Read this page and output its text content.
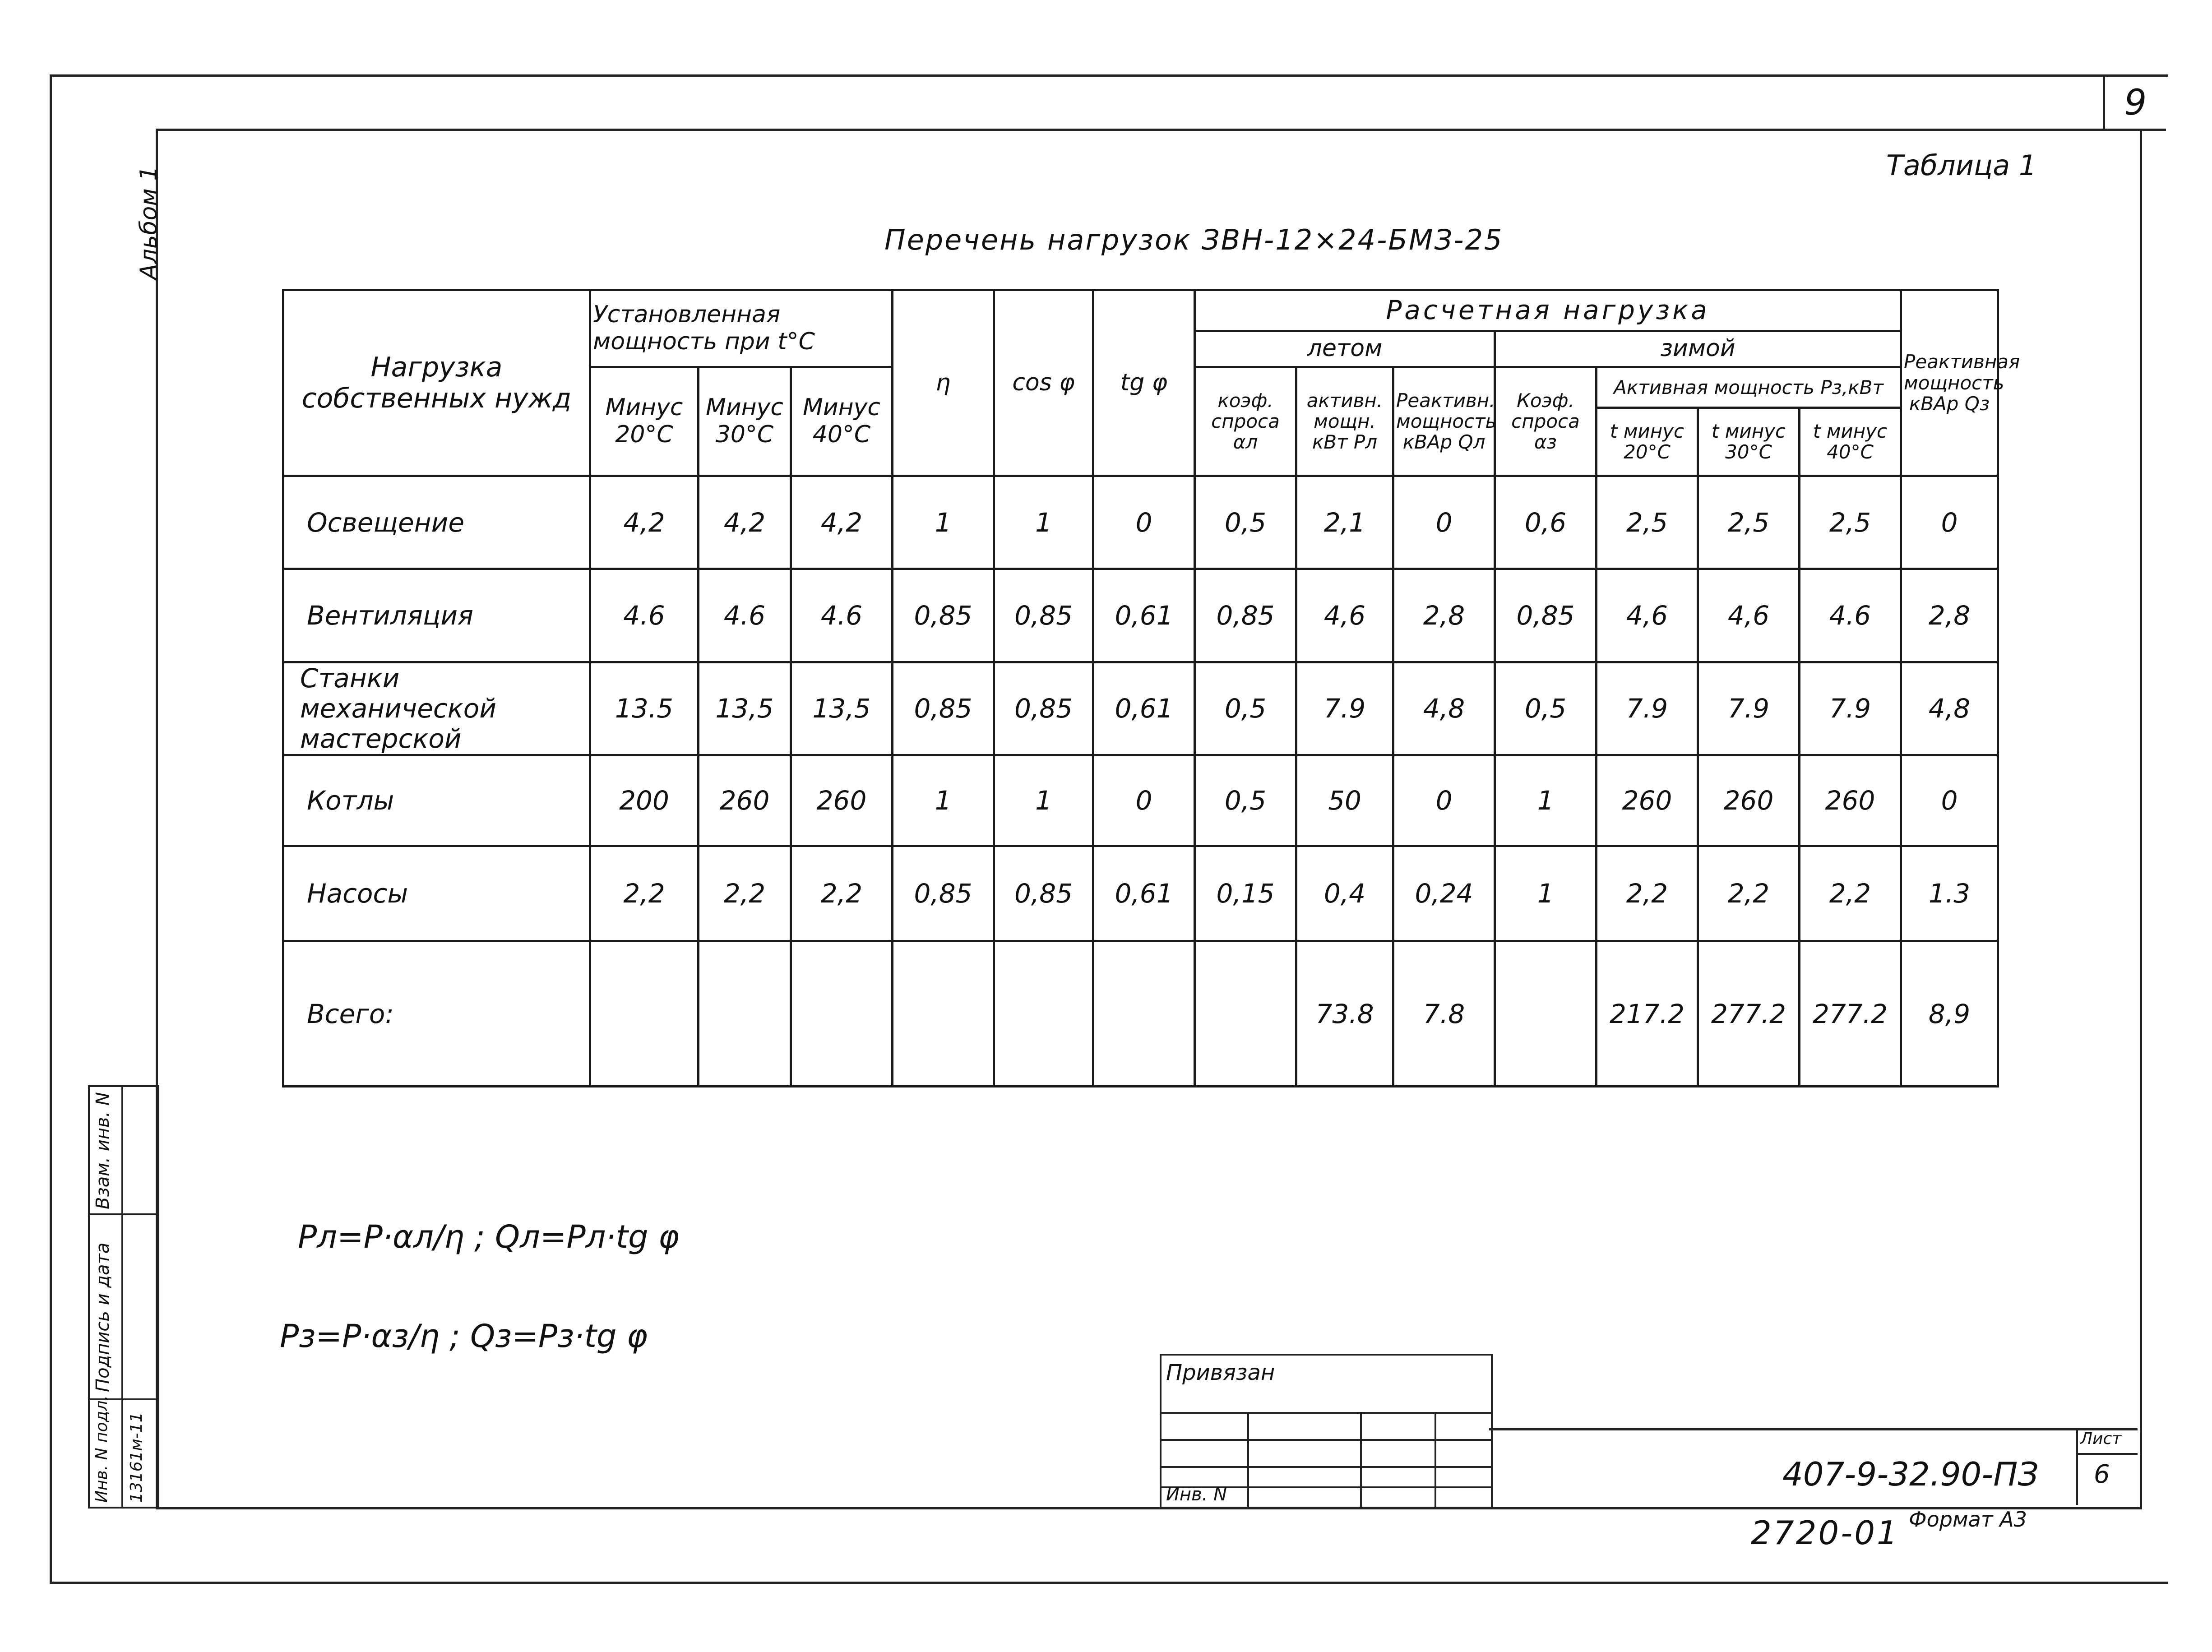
9
Альбом 1
Таблица 1
Перечень нагрузок ЗВН-12×24-БМЗ-25
Нагрузка собственных нужд	Установленная мощность при t°C			η	cos φ	tg φ	Расчетная нагрузка							Реактивная мощность кВАр Qз
							летом			зимой				
	Минус 20°С	Минус 30°С	Минус 40°С				коэф. спроса αл	активн. мощн. кВт Рл	Реактивн. мощность кВАр Qл	Коэф. спроса αз	Активная мощность Рз,кВт			
											t минус 20°С	t минус 30°С	t минус 40°С	
Освещение	4,2	4,2	4,2	1	1	0	0,5	2,1	0	0,6	2,5	2,5	2,5	0
Вентиляция	4.6	4.6	4.6	0,85	0,85	0,61	0,85	4,6	2,8	0,85	4,6	4,6	4.6	2,8
Станки механической мастерской	13.5	13,5	13,5	0,85	0,85	0,61	0,5	7.9	4,8	0,5	7.9	7.9	7.9	4,8
Котлы	200	260	260	1	1	0	0,5	50	0	1	260	260	260	0
Насосы	2,2	2,2	2,2	0,85	0,85	0,61	0,15	0,4	0,24	1	2,2	2,2	2,2	1.3
Всего:								73.8	7.8		217.2	277.2	277.2	8,9
Рл=Р·αл/η ; Qл=Рл·tg φ
Рз=Р·αз/η ; Qз=Рз·tg φ
Привязан
Инв. N
Лист
6
407-9-32.90-ПЗ
2720-01 Формат А3
Взам. инв. N
Подпись и дата
Инв. N подл. 13161м-11
